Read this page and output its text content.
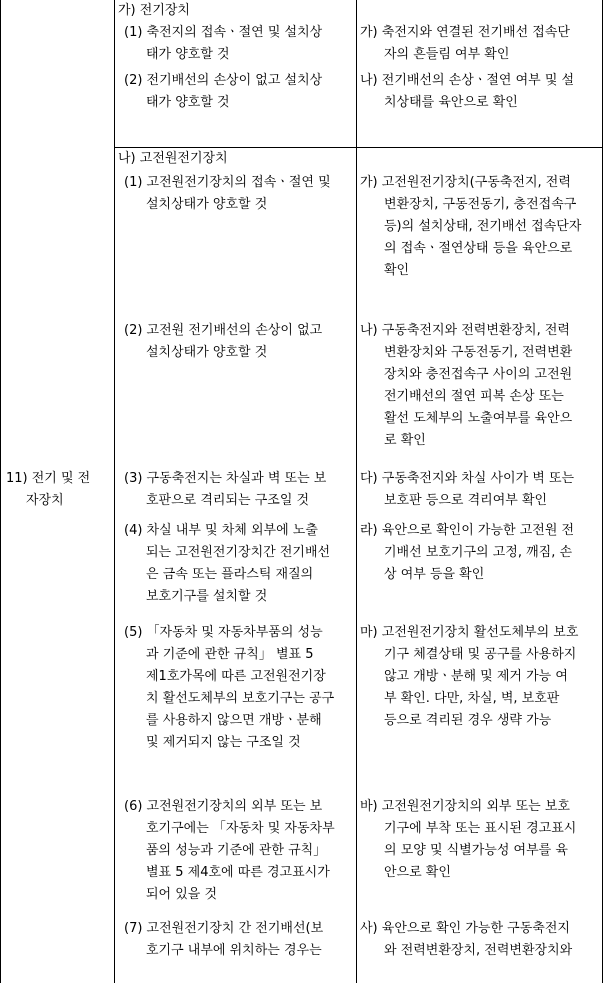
11) 전기 및 전
자장치
가) 전기장치
(1) 축전지의 접속ㆍ절연 및 설치상
태가 양호할 것
(2) 전기배선의 손상이 없고 설치상
태가 양호할 것
가) 축전지와 연결된 전기배선 접속단
자의 흔들림 여부 확인
나) 전기배선의 손상ㆍ절연 여부 및 설
치상태를 육안으로 확인
나) 고전원전기장치
(1) 고전원전기장치의 접속ㆍ절연 및
설치상태가 양호할 것
(2) 고전원 전기배선의 손상이 없고
설치상태가 양호할 것
(3) 구동축전지는 차실과 벽 또는 보
호판으로 격리되는 구조일 것
(4) 차실 내부 및 차체 외부에 노출
되는 고전원전기장치간 전기배선
은 금속 또는 플라스틱 재질의
보호기구를 설치할 것
(5) 「자동차 및 자동차부품의 성능
과 기준에 관한 규칙」 별표 5
제1호가목에 따른 고전원전기장
치 활선도체부의 보호기구는 공구
를 사용하지 않으면 개방ㆍ분해
및 제거되지 않는 구조일 것
(6) 고전원전기장치의 외부 또는 보
호기구에는 「자동차 및 자동차부
품의 성능과 기준에 관한 규칙」
별표 5 제4호에 따른 경고표시가
되어 있을 것
(7) 고전원전기장치 간 전기배선(보
호기구 내부에 위치하는 경우는
가) 고전원전기장치(구동축전지, 전력
변환장치, 구동전동기, 충전접속구
등)의 설치상태, 전기배선 접속단자
의 접속ㆍ절연상태 등을 육안으로
확인
나) 구동축전지와 전력변환장치, 전력
변환장치와 구동전동기, 전력변환
장치와 충전접속구 사이의 고전원
전기배선의 절연 피복 손상 또는
활선 도체부의 노출여부를 육안으
로 확인
다) 구동축전지와 차실 사이가 벽 또는
보호판 등으로 격리여부 확인
라) 육안으로 확인이 가능한 고전원 전
기배선 보호기구의 고정, 깨짐, 손
상 여부 등을 확인
마) 고전원전기장치 활선도체부의 보호
기구 체결상태 및 공구를 사용하지
않고 개방ㆍ분해 및 제거 가능 여
부 확인. 다만, 차실, 벽, 보호판
등으로 격리된 경우 생략 가능
바) 고전원전기장치의 외부 또는 보호
기구에 부착 또는 표시된 경고표시
의 모양 및 식별가능성 여부를 육
안으로 확인
사) 육안으로 확인 가능한 구동축전지
와 전력변환장치, 전력변환장치와
